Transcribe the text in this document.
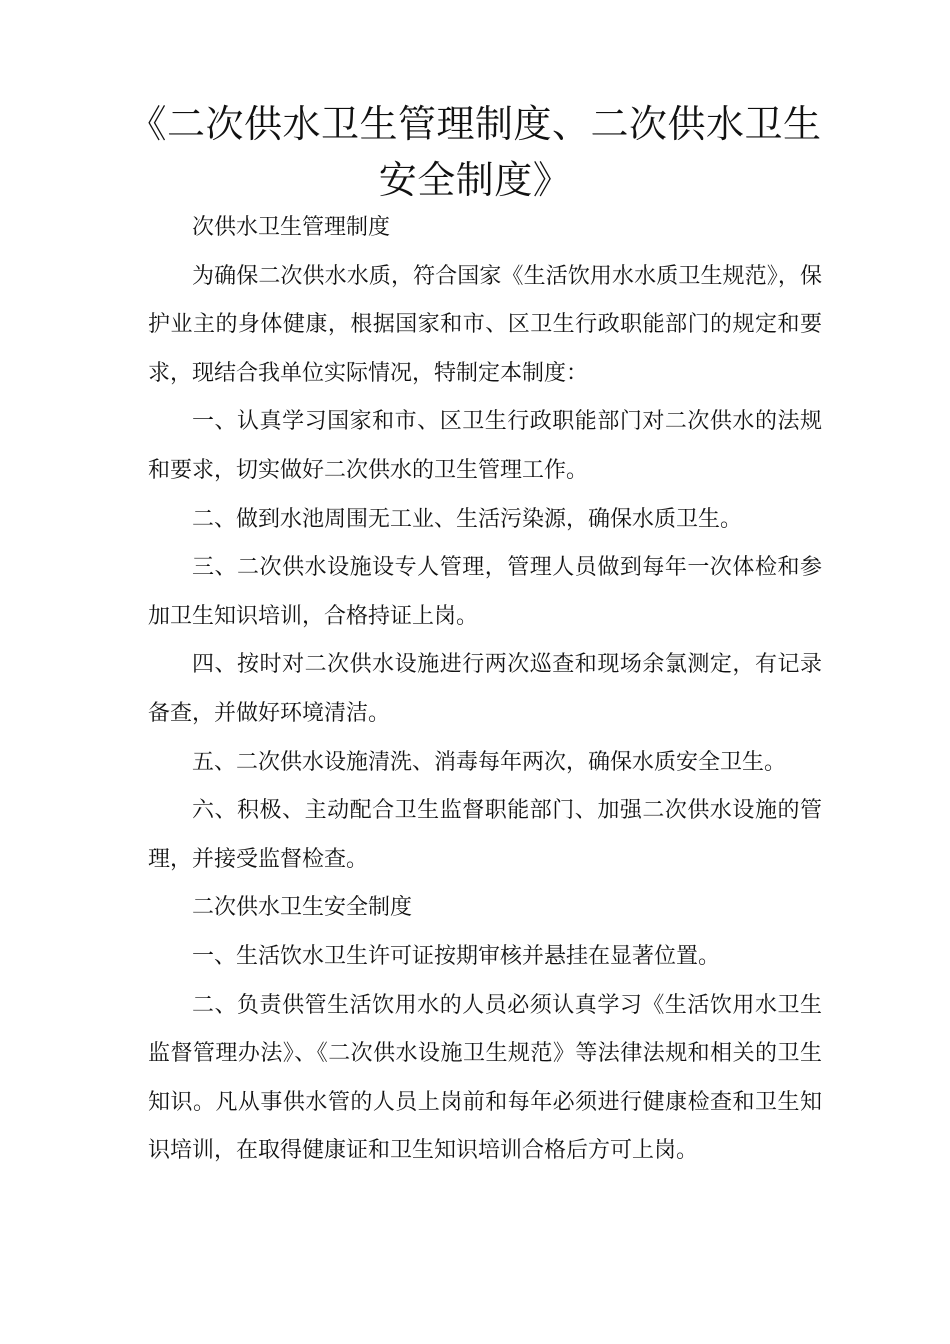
《二次供水卫生管理制度、二次供水卫生安全制度》

次供水卫生管理制度

为确保二次供水水质，符合国家《生活饮用水水质卫生规范》，保护业主的身体健康，根据国家和市、区卫生行政职能部门的规定和要求，现结合我单位实际情况，特制定本制度：

一、认真学习国家和市、区卫生行政职能部门对二次供水的法规和要求，切实做好二次供水的卫生管理工作。

二、做到水池周围无工业、生活污染源，确保水质卫生。

三、二次供水设施设专人管理，管理人员做到每年一次体检和参加卫生知识培训，合格持证上岗。

四、按时对二次供水设施进行两次巡查和现场余氯测定，有记录备查，并做好环境清洁。

五、二次供水设施清洗、消毒每年两次，确保水质安全卫生。

六、积极、主动配合卫生监督职能部门、加强二次供水设施的管理，并接受监督检查。

二次供水卫生安全制度

一、生活饮水卫生许可证按期审核并悬挂在显著位置。

二、负责供管生活饮用水的人员必须认真学习《生活饮用水卫生监督管理办法》、《二次供水设施卫生规范》等法律法规和相关的卫生知识。凡从事供水管的人员上岗前和每年必须进行健康检查和卫生知识培训，在取得健康证和卫生知识培训合格后方可上岗。
